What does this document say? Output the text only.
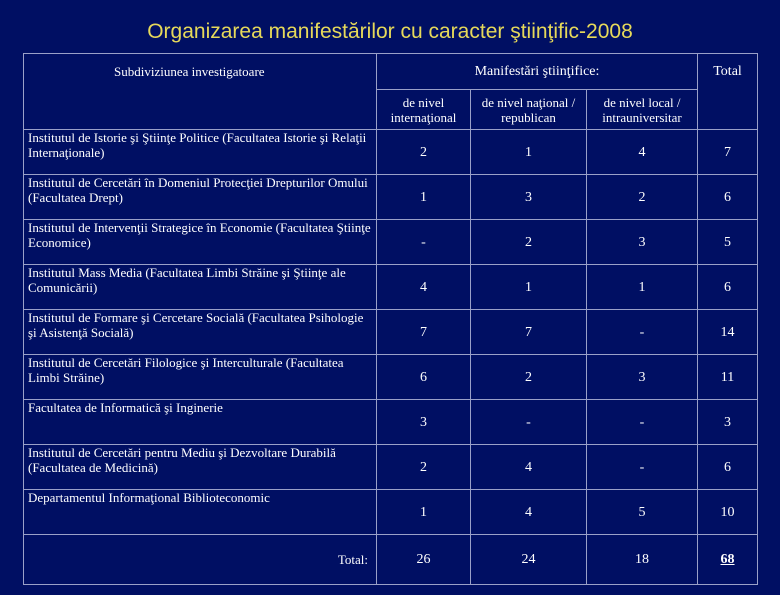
Organizarea manifestărilor cu caracter ştiinţific-2008
Subdiviziunea investigatoare	Manifestări ştiinţifice:			Total
	de nivel internaţional	de nivel naţional / republican	de nivel local / intrauniversitar	
Institutul de Istorie şi Ştiinţe Politice (Facultatea Istorie şi Relaţii Internaţionale)	2	1	4	7
Institutul de Cercetări în Domeniul Protecţiei Drepturilor Omului (Facultatea Drept)	1	3	2	6
Institutul de Intervenţii Strategice în Economie (Facultatea Ştiinţe Economice)	-	2	3	5
Institutul Mass Media (Facultatea Limbi Străine şi Ştiinţe ale Comunicării)	4	1	1	6
Institutul de Formare şi Cercetare Socială (Facultatea Psihologie şi Asistenţă Socială)	7	7	-	14
Institutul de Cercetări Filologice şi Interculturale (Facultatea Limbi Străine)	6	2	3	11
Facultatea de Informatică şi Inginerie	3	-	-	3
Institutul de Cercetări pentru Mediu şi Dezvoltare Durabilă (Facultatea de Medicină)	2	4	-	6
Departamentul Informaţional Biblioteconomic	1	4	5	10
Total:	26	24	18	68
